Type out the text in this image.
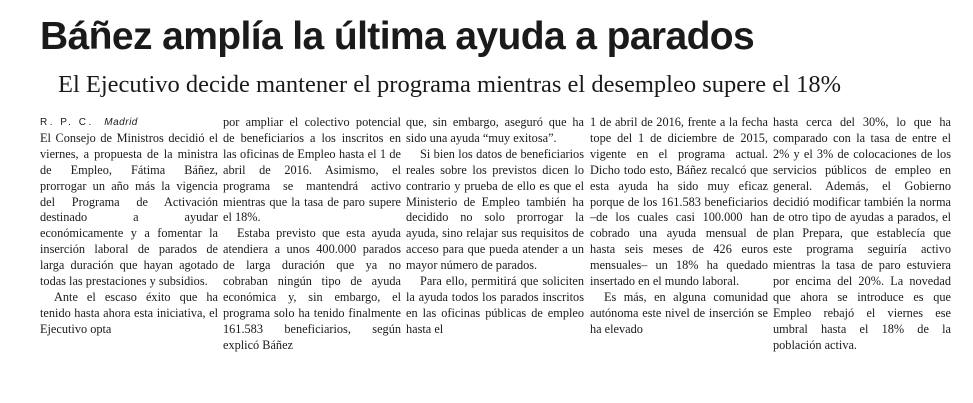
Báñez amplía la última ayuda a parados
El Ejecutivo decide mantener el programa mientras el desempleo supere el 18%

R. P. C. Madrid

El Consejo de Ministros decidió el viernes, a propuesta de la ministra de Empleo, Fátima Báñez, prorrogar un año más la vigencia del Programa de Activación destinado a ayudar económicamente y a fomentar la inserción laboral de parados de larga duración que hayan agotado todas las prestaciones y subsidios.

Ante el escaso éxito que ha tenido hasta ahora esta iniciativa, el Ejecutivo opta

por ampliar el colectivo potencial de beneficiarios a los inscritos en las oficinas de Empleo hasta el 1 de abril de 2016. Asimismo, el programa se mantendrá activo mientras que la tasa de paro supere el 18%.

Estaba previsto que esta ayuda atendiera a unos 400.000 parados de larga duración que ya no cobraban ningún tipo de ayuda económica y, sin embargo, el programa solo ha tenido finalmente 161.583 beneficiarios, según explicó Báñez

que, sin embargo, aseguró que ha sido una ayuda “muy exitosa”.

Si bien los datos de beneficiarios reales sobre los previstos dicen lo contrario y prueba de ello es que el Ministerio de Empleo también ha decidido no solo prorrogar la ayuda, sino relajar sus requisitos de acceso para que pueda atender a un mayor número de parados.

Para ello, permitirá que soliciten la ayuda todos los parados inscritos en las oficinas públicas de empleo hasta el

1 de abril de 2016, frente a la fecha tope del 1 de diciembre de 2015, vigente en el programa actual. Dicho todo esto, Báñez recalcó que esta ayuda ha sido muy eficaz porque de los 161.583 beneficiarios –de los cuales casi 100.000 han cobrado una ayuda mensual de hasta seis meses de 426 euros mensuales– un 18% ha quedado insertado en el mundo laboral.

Es más, en alguna comunidad autónoma este nivel de inserción se ha elevado

hasta cerca del 30%, lo que ha comparado con la tasa de entre el 2% y el 3% de colocaciones de los servicios públicos de empleo en general. Además, el Gobierno decidió modificar también la norma de otro tipo de ayudas a parados, el plan Prepara, que establecía que este programa seguiría activo mientras la tasa de paro estuviera por encima del 20%. La novedad que ahora se introduce es que Empleo rebajó el viernes ese umbral hasta el 18% de la población activa.
